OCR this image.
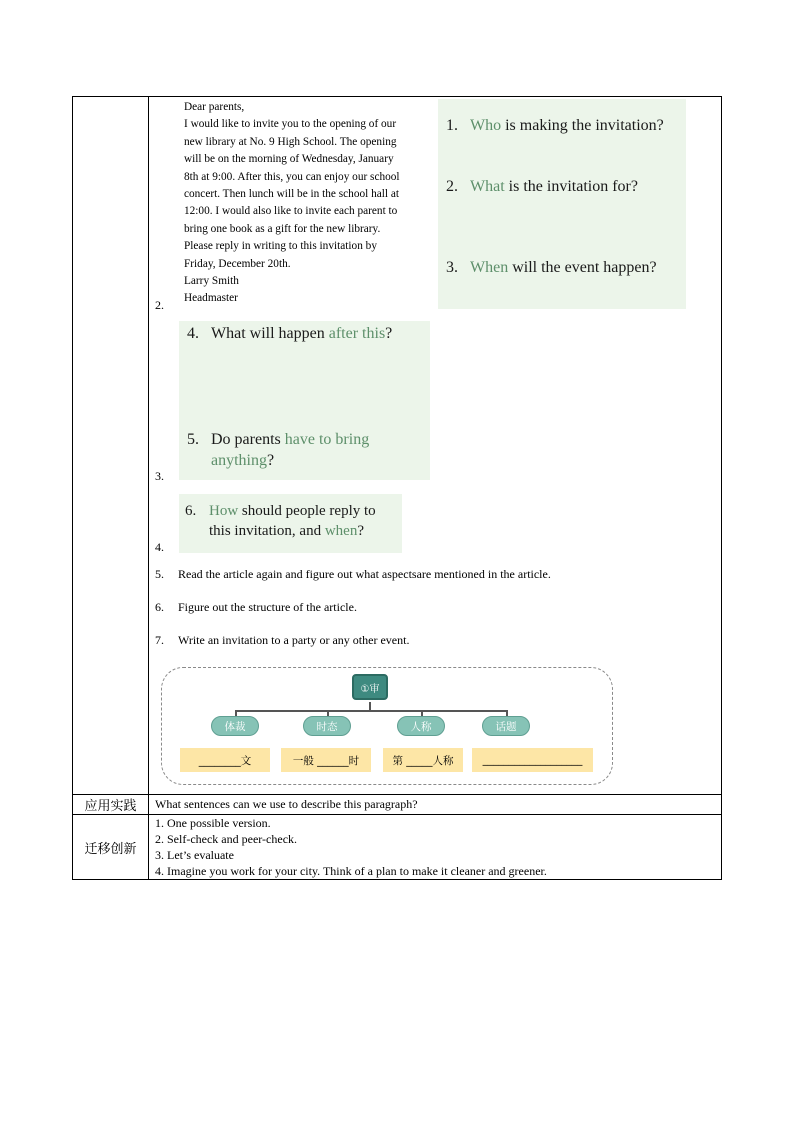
2.
3.
4.
Dear parents,
I would like to invite you to the opening of our
new library at No. 9 High School. The opening
will be on the morning of Wednesday, January
8th at 9:00. After this, you can enjoy our school
concert. Then lunch will be in the school hall at
12:00. I would also like to invite each parent to
bring one book as a gift for the new library.
Please reply in writing to this invitation by
Friday, December 20th.
Larry Smith
Headmaster
1. Who is making the invitation?
2. What is the invitation for?
3. When will the event happen?
4. What will happen after this?
5. Do parents have to bring
anything?
6. How should people reply to
this invitation, and when?
5. Read the article again and figure out what aspectsare mentioned in the article.
6. Figure out the structure of the article.
7. Write an invitation to a party or any other event.
①审
体裁	时态	人称	话题
________文	一般 ______时	第 _____人称	___________________
应用实践	What sentences can we use to describe this paragraph?
迁移创新
1. One possible version.
2. Self-check and peer-check.
3. Let’s evaluate
4. Imagine you work for your city. Think of a plan to make it cleaner and greener.
